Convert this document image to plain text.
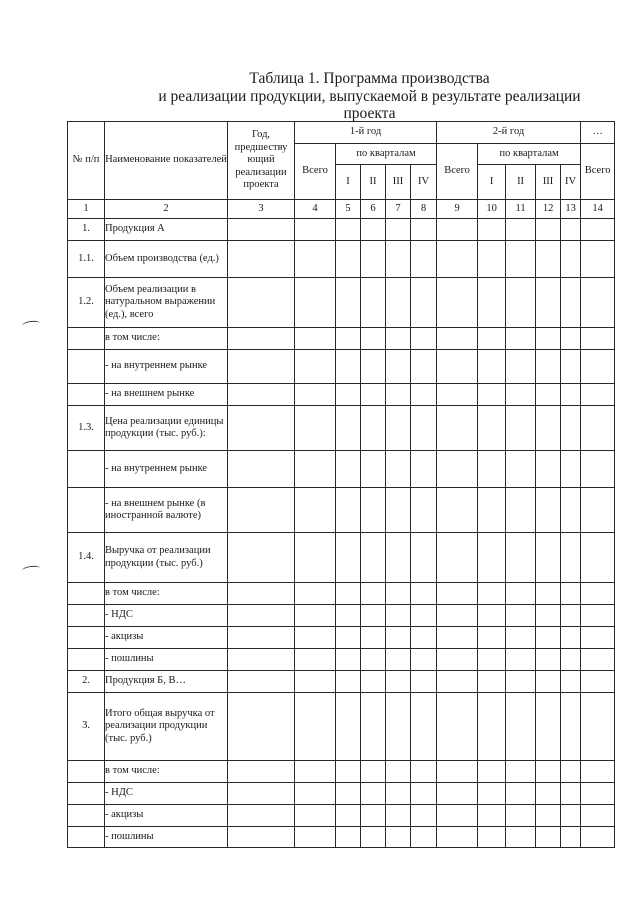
Таблица 1. Программа производства
и реализации продукции, выпускаемой в результате реализации
проекта
№ п/п	Наименование показателей	Год, предшеству ющий реализации проекта	1-й год					2-й год					…
			Всего	по кварталам				Всего	по кварталам				Всего
				I	II	III	IV		I	II	III	IV	
1	2	3	4	5	6	7	8	9	10	11	12	13	14
1.	Продукция А												
1.1.	Объем производства (ед.)												
1.2.	Объем реализации в натуральном выражении (ед.), всего												
	в том числе:												
	- на внутреннем рынке												
	- на внешнем рынке												
1.3.	Цена реализации единицы продукции (тыс. руб.):												
	- на внутреннем рынке												
	- на внешнем рынке (в иностранной валюте)												
1.4.	Выручка от реализации продукции (тыс. руб.)												
	в том числе:												
	- НДС												
	- акцизы												
	- пошлины												
2.	Продукция Б, В…												
3.	Итого общая выручка от реализации продукции (тыс. руб.)												
	в том числе:												
	- НДС												
	- акцизы												
	- пошлины												
